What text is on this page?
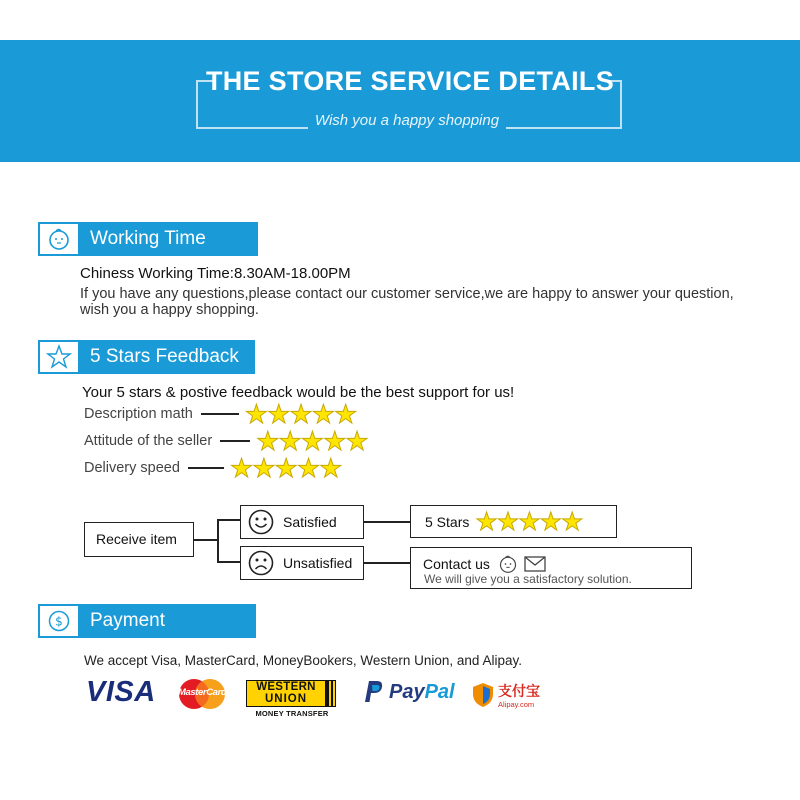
THE STORE SERVICE DETAILS
Wish you a happy shopping
Working Time
Chiness Working Time:8.30AM-18.00PM
If you have any questions,please contact our customer service,we are happy to answer your question,
wish you a happy shopping.
5 Stars Feedback
Your 5 stars & postive feedback would be the best support for us!
Description math ★★★★★
Attitude of the seller ★★★★★
Delivery speed ★★★★★
Receive item
Satisfied
Unsatisfied
5 Stars ★★★★★
Contact us
We will give you a satisfactory solution.
$	Payment
We accept Visa, MasterCard, MoneyBookers, Western Union, and Alipay.
VISA MasterCard	WESTERN
UNION
MONEY TRANSFER
PayPal	支付宝
Alipay.com
